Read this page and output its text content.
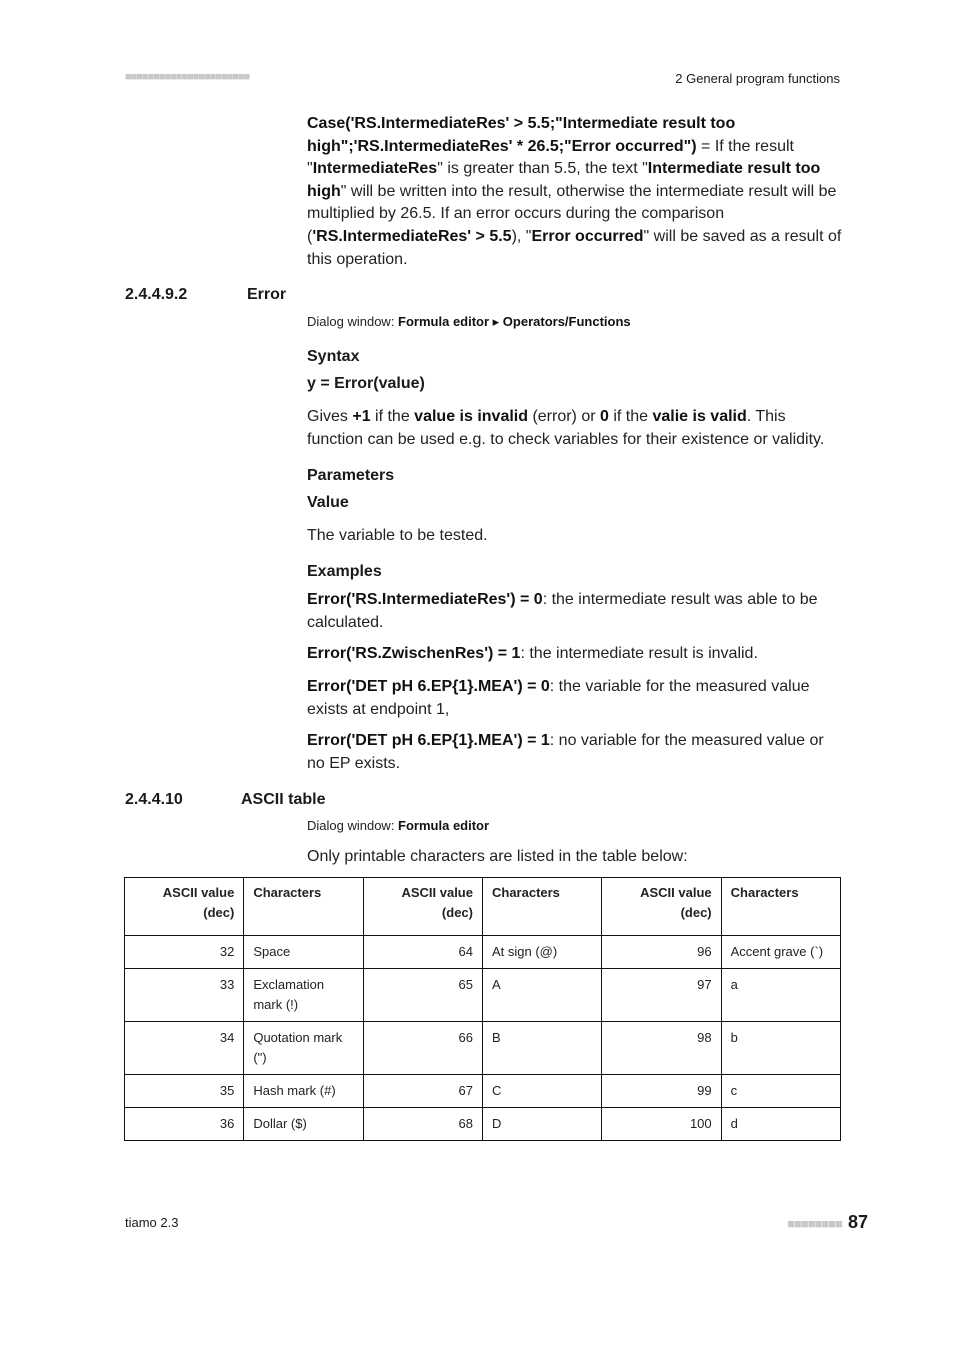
■■■■■■■■■■■■■■■■■■■■■■	2 General program functions
Case('RS.IntermediateRes' > 5.5;"Intermediate result too high";'RS.IntermediateRes' * 26.5;"Error occurred") = If the result "IntermediateRes" is greater than 5.5, the text "Intermediate result too high" will be written into the result, otherwise the intermediate result will be multiplied by 26.5. If an error occurs during the comparison ('RS.IntermediateRes' > 5.5), "Error occurred" will be saved as a result of this operation.
2.4.4.9.2	Error
Dialog window: Formula editor ▸ Operators/Functions
Syntax
y = Error(value)
Gives +1 if the value is invalid (error) or 0 if the valie is valid. This function can be used e.g. to check variables for their existence or validity.
Parameters
Value
The variable to be tested.
Examples
Error('RS.IntermediateRes') = 0: the intermediate result was able to be calculated.
Error('RS.ZwischenRes') = 1: the intermediate result is invalid.
Error('DET pH 6.EP{1}.MEA') = 0: the variable for the measured value exists at endpoint 1,
Error('DET pH 6.EP{1}.MEA') = 1: no variable for the measured value or no EP exists.
2.4.4.10	ASCII table
Dialog window: Formula editor
Only printable characters are listed in the table below:
ASCII value
(dec)	Characters	ASCII value
(dec)	Characters	ASCII value
(dec)	Characters
32	Space	64	At sign (@)	96	Accent grave (`)
33	Exclamation mark (!)	65	A	97	a
34	Quotation mark (")	66	B	98	b
35	Hash mark (#)	67	C	99	c
36	Dollar ($)	68	D	100	d
tiamo 2.3	■■■■■■■■ 87
